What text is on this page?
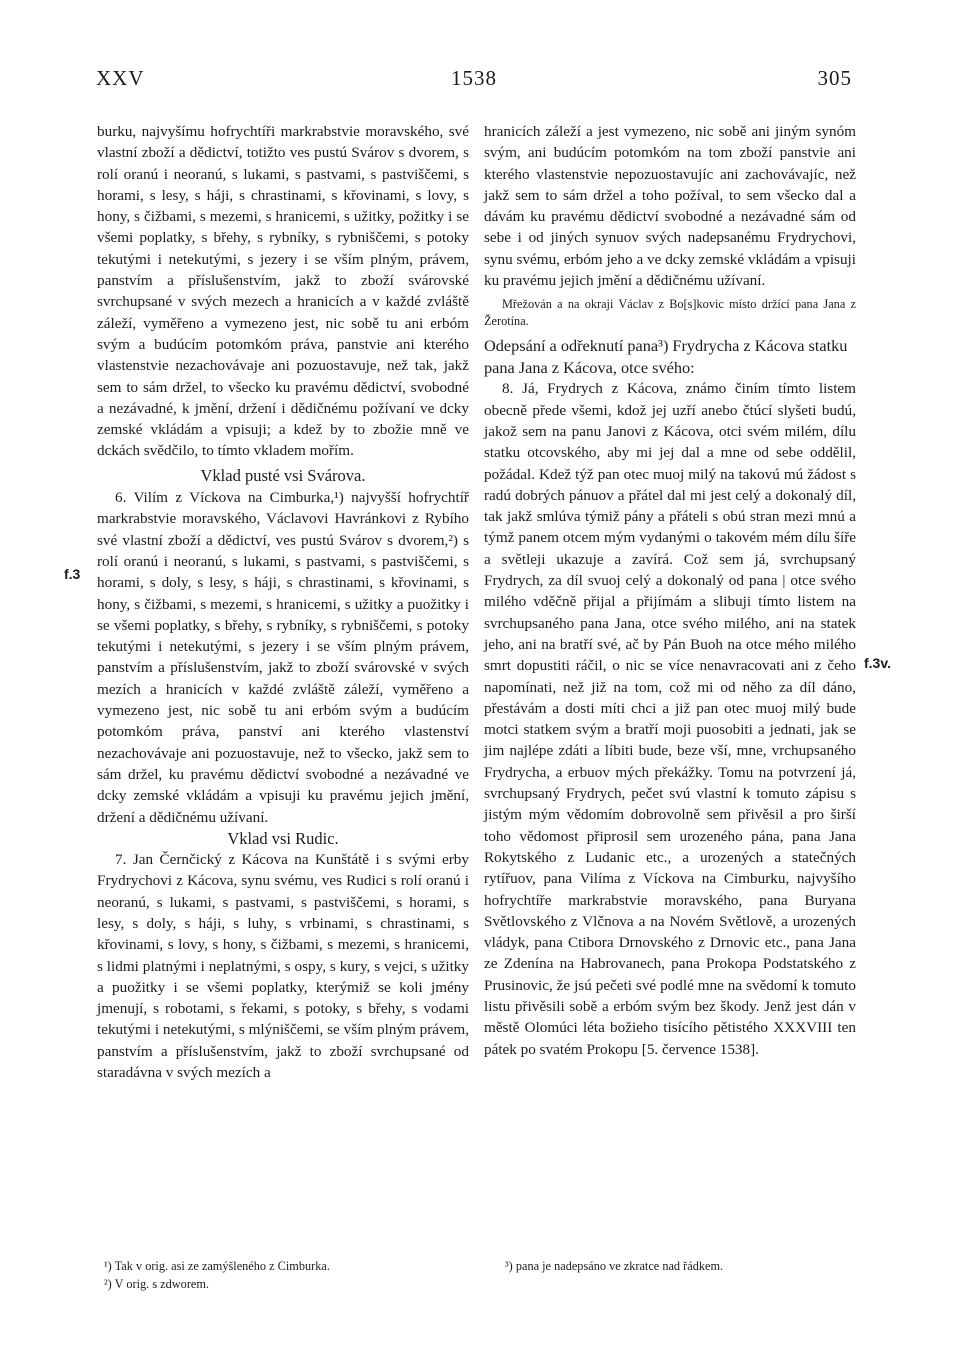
XXV	1538	305
f.3
f.3v.

burku, najvyšímu hofrychtíři markrabstvie moravského, své vlastní zboží a dědictví, totižto ves pustú Svárov s dvorem, s rolí oranú i neoranú, s lukami, s pastvami, s pastviščemi, s horami, s lesy, s háji, s chrastinami, s křovinami, s lovy, s hony, s čižbami, s mezemi, s hranicemi, s užitky, požitky i se všemi poplatky, s břehy, s rybníky, s rybniščemi, s potoky tekutými i netekutými, s jezery i se vším plným, právem, panstvím a příslušenstvím, jakž to zboží svárovské svrchupsané v svých mezech a hranicích a v každé zvláště záleží, vyměřeno a vymezeno jest, nic sobě tu ani erbóm svým a budúcím potomkóm práva, panstvie ani kterého vlastenstvie nezachovávaje ani pozuostavuje, než tak, jakž sem to sám držel, to všecko ku pravému dědictví, svobodné a nezávadné, k jmění, držení i dědičnému požívaní ve dcky zemské vkládám a vpisuji; a kdež by to zbožie mně ve dckách svědčilo, to tímto vkladem mořím.

Vklad pusté vsi Svárova.

6. Vilím z Víckova na Cimburka,¹) najvyšší hofrychtíř markrabstvie moravského, Václavovi Havránkovi z Rybího své vlastní zboží a dědictví, ves pustú Svárov s dvorem,²) s rolí oranú i neoranú, s lukami, s pastvami, s pastviščemi, s horami, s doly, s lesy, s háji, s chrastinami, s křovinami, s hony, s čižbami, s mezemi, s hranicemi, s užitky a puožitky i se všemi poplatky, s břehy, s rybníky, s rybniščemi, s potoky tekutými i netekutými, s jezery i se vším plným právem, panstvím a příslušenstvím, jakž to zboží svárovské v svých mezích a hranicích v každé zvláště záleží, vyměřeno a vymezeno jest, nic sobě tu ani erbóm svým a budúcím potomkóm práva, panství ani kterého vlastenství nezachovávaje ani pozuostavuje, než to všecko, jakž sem to sám držel, ku pravému dědictví svobodné a nezávadné ve dcky zemské vkládám a vpisuji ku pravému jejich jmění, držení a dědičnému užívaní.

Vklad vsi Rudic.

7. Jan Černčický z Kácova na Kunštátě i s svými erby Frydrychovi z Kácova, synu svému, ves Rudici s rolí oranú i neoranú, s lukami, s pastvami, s pastviščemi, s horami, s lesy, s doly, s háji, s luhy, s vrbinami, s chrastinami, s křovinami, s lovy, s hony, s čižbami, s mezemi, s hranicemi, s lidmi platnými i neplatnými, s ospy, s kury, s vejci, s užitky a puožitky i se všemi poplatky, kterýmiž se koli jmény jmenují, s robotami, s řekami, s potoky, s břehy, s vodami tekutými i netekutými, s mlýniščemi, se vším plným právem, panstvím a příslušenstvím, jakž to zboží svrchupsané od staradávna v svých mezích a

hranicích záleží a jest vymezeno, nic sobě ani jiným synóm svým, ani budúcím potomkóm na tom zboží panstvie ani kterého vlastenstvie nepozuostavujíc ani zachovávajíc, než jakž sem to sám držel a toho požíval, to sem všecko dal a dávám ku pravému dědictví svobodné a nezávadné sám od sebe i od jiných synuov svých nadepsanému Frydrychovi, synu svému, erbóm jeho a ve dcky zemské vkládám a vpisuji ku pravému jejich jmění a dědičnému užívaní.

Mřežován a na okraji Václav z Bo[s]kovic místo držící pana Jana z Žerotína.

Odepsání a odřeknutí pana³) Frydrycha z Kácova statku pana Jana z Kácova, otce svého:

8. Já, Frydrych z Kácova, známo činím tímto listem obecně přede všemi, kdož jej uzří anebo čtúcí slyšeti budú, jakož sem na panu Janovi z Kácova, otci svém milém, dílu statku otcovského, aby mi jej dal a mne od sebe oddělil, požádal. Kdež týž pan otec muoj milý na takovú mú žádost s radú dobrých pánuov a přátel dal mi jest celý a dokonalý díl, tak jakž smlúva týmiž pány a přáteli s obú stran mezi mnú a týmž panem otcem mým vydanými o takovém mém dílu šíře a světleji ukazuje a zavírá. Což sem já, svrchupsaný Frydrych, za díl svuoj celý a dokonalý od pana | otce svého milého vděčně přijal a přijímám a slibuji tímto listem na svrchupsaného pana Jana, otce svého milého, ani na statek jeho, ani na bratří své, ač by Pán Buoh na otce mého milého smrt dopustiti ráčil, o nic se více nenavracovati ani z čeho napomínati, než již na tom, což mi od něho za díl dáno, přestávám a dosti míti chci a již pan otec muoj milý bude motci statkem svým a bratří moji puosobiti a jednati, jak se jim najlépe zdáti a líbiti bude, beze vší, mne, vrchupsaného Frydrycha, a erbuov mých překážky. Tomu na potvrzení já, svrchupsaný Frydrych, pečet svú vlastní k tomuto zápisu s jistým mým vědomím dobrovolně sem přivěsil a pro širší toho vědomost připrosil sem urozeného pána, pana Jana Rokytského z Ludanic etc., a urozených a statečných rytířuov, pana Vilíma z Víckova na Cimburku, najvyšího hofrychtíře markrabstvie moravského, pana Buryana Světlovského z Vlčnova a na Novém Světlově, a urozených vládyk, pana Ctibora Drnovského z Drnovic etc., pana Jana ze Zdenína na Habrovanech, pana Prokopa Podstatského z Prusinovic, že jsú pečeti své podlé mne na svědomí k tomuto listu přivěsili sobě a erbóm svým bez škody. Jenž jest dán v městě Olomúci léta božieho tisícího pětistého XXXVIII ten pátek po svatém Prokopu [5. července 1538].

¹) Tak v orig. asi ze zamýšleného z Cimburka.
²) V orig. s zdworem.
³) pana je nadepsáno ve zkratce nad řádkem.
